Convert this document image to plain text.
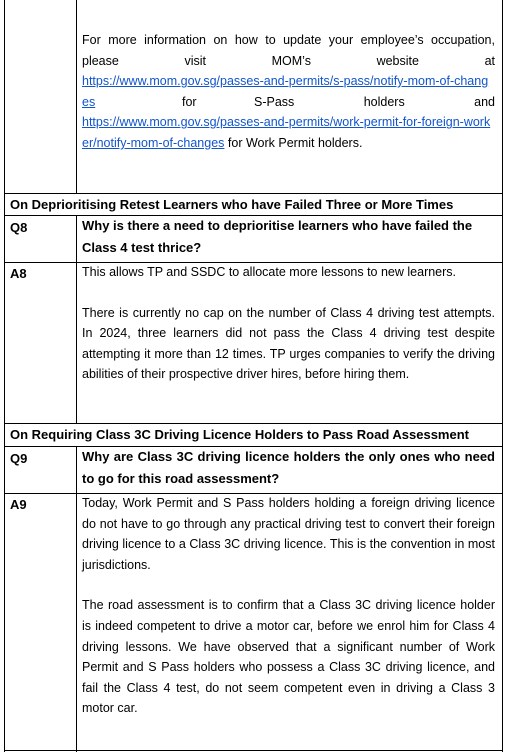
For more information on how to update your employee’s occupation,

please visit MOM’s website at

https://www.mom.gov.sg/passes-and-permits/s-pass/notify-mom-of-changes	for	S-Pass holders and

https://www.mom.gov.sg/passes-and-permits/work-permit-for-foreign-worker/notify-mom-of-changes for Work Permit holders.

On Deprioritising Retest Learners who have Failed Three or More Times
Q8	Why is there a need to deprioritise learners who have failed the Class 4 test thrice?
A8	This allows TP and SSDC to allocate more lessons to new learners.

There is currently no cap on the number of Class 4 driving test attempts. In 2024, three learners did not pass the Class 4 driving test despite attempting it more than 12 times. TP urges companies to verify the driving abilities of their prospective driver hires, before hiring them.

On Requiring Class 3C Driving Licence Holders to Pass Road Assessment
Q9	Why are Class 3C driving licence holders the only ones who need to go for this road assessment?
A9	Today, Work Permit and S Pass holders holding a foreign driving licence do not have to go through any practical driving test to convert their foreign driving licence to a Class 3C driving licence. This is the convention in most jurisdictions.

The road assessment is to confirm that a Class 3C driving licence holder is indeed competent to drive a motor car, before we enrol him for Class 4 driving lessons. We have observed that a significant number of Work Permit and S Pass holders who possess a Class 3C driving licence, and fail the Class 4 test, do not seem competent even in driving a Class 3 motor car.
